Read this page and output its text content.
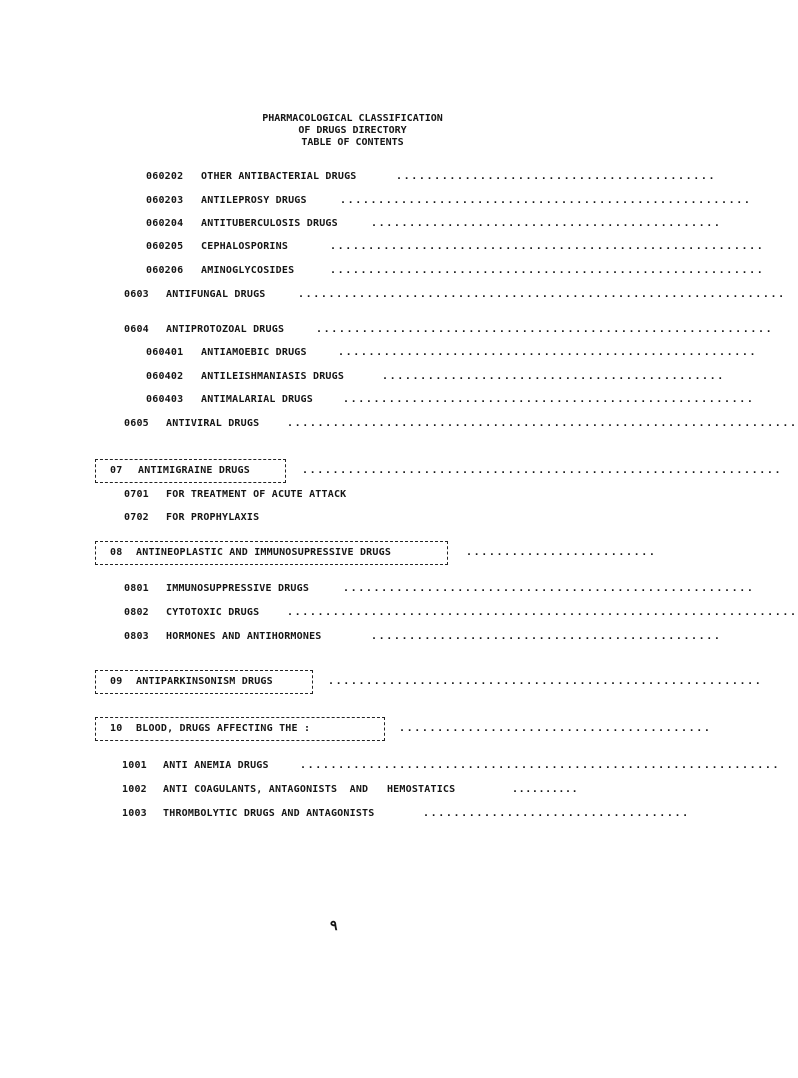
PHARMACOLOGICAL CLASSIFICATION
OF DRUGS DIRECTORY
TABLE OF CONTENTS
060202 OTHER ANTIBACTERIAL DRUGS	..........................................
060203 ANTILEPROSY DRUGS	......................................................
060204 ANTITUBERCULOSIS DRUGS	..............................................
060205 CEPHALOSPORINS	.........................................................
060206 AMINOGLYCOSIDES	.........................................................
0603 ANTIFUNGAL DRUGS	................................................................
0604 ANTIPROTOZOAL DRUGS	............................................................
060401 ANTIAMOEBIC DRUGS	.......................................................
060402 ANTILEISHMANIASIS DRUGS	.............................................
060403 ANTIMALARIAL DRUGS	......................................................
0605 ANTIVIRAL DRUGS	...................................................................
07 ANTIMIGRAINE DRUGS	...............................................................
0701 FOR TREATMENT OF ACUTE ATTACK
0702 FOR PROPHYLAXIS
08 ANTINEOPLASTIC AND IMMUNOSUPRESSIVE DRUGS	.........................
0801 IMMUNOSUPPRESSIVE DRUGS	......................................................
0802 CYTOTOXIC DRUGS	...................................................................
0803 HORMONES AND ANTIHORMONES	..............................................
09 ANTIPARKINSONISM DRUGS	.........................................................
10 BLOOD, DRUGS AFFECTING THE :	.........................................
1001 ANTI ANEMIA DRUGS	...............................................................
1002 ANTI COAGULANTS, ANTAGONISTS  AND   HEMOSTATICS	..........
1003 THROMBOLYTIC DRUGS AND ANTAGONISTS	...................................
٩
